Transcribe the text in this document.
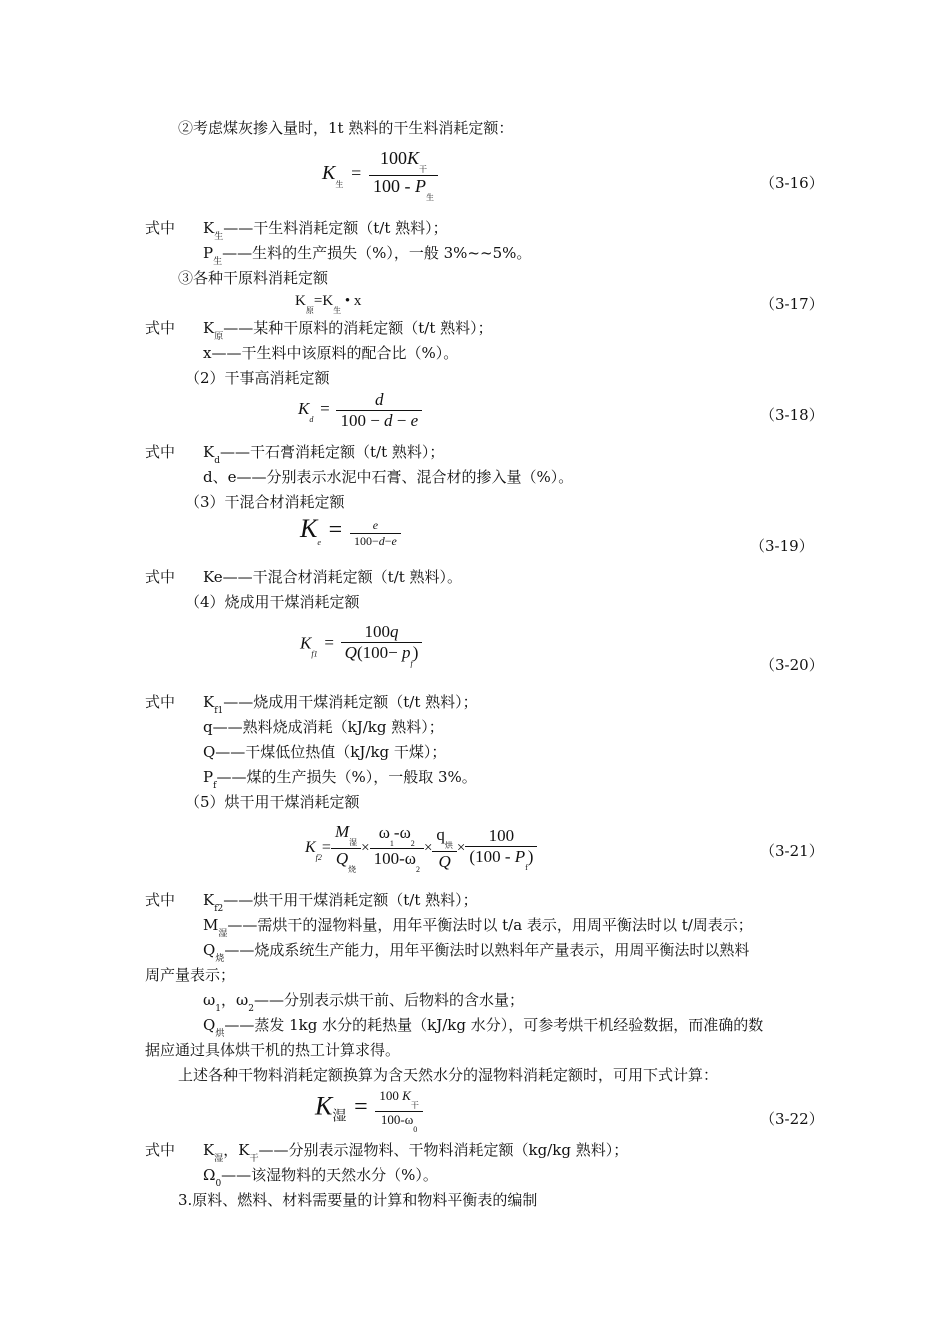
②考虑煤灰掺入量时，1t 熟料的干生料消耗定额：
$K_生 = \frac{100K_干}{100 - P_生}$	（3-16）
式中 $K_生——$干生料消耗定额（t/t 熟料）；
$P_生——$生料的生产损失（%），一般 3%~~5%。
③各种干原料消耗定额
$K_原=K_生$ • x	（3-17）
式中 $K_原——$某种干原料的消耗定额（t/t 熟料）；
x——干生料中该原料的配合比（%）。
（2）干事高消耗定额
$K_d = \frac{d}{100 - d - e}$	（3-18）
式中 $K_d——$干石膏消耗定额（t/t 熟料）；
d、e——分别表示水泥中石膏、混合材的掺入量（%）。
（3）干混合材消耗定额
$K_e = \frac{e}{100-d-e}$	（3-19）
式中 Ke——干混合材消耗定额（t/t 熟料）。
（4）烧成用干煤消耗定额
$K_{f1} = \frac{100q}{Q(100- p_f)}$	（3-20）
式中 $K_{f1}——$烧成用干煤消耗定额（t/t 熟料）；
q——熟料烧成消耗（kJ/kg 熟料）；
Q——干煤低位热值（kJ/kg 干煤）；
$P_f——$煤的生产损失（%），一般取 3%。
（5）烘干用干煤消耗定额
$K_{f2}= \frac{M_湿}{Q_烧} \times \frac{\omega_1-\omega_2}{100-\omega_2} \times \frac{q_烘}{Q} \times \frac{100}{(100 - P_f)}$	（3-21）
式中 $K_{f2}——$烘干用干煤消耗定额（t/t 熟料）；
$M_湿——$需烘干的湿物料量，用年平衡法时以 t/a 表示，用周平衡法时以 t/周表示；
$Q_烧——$烧成系统生产能力，用年平衡法时以熟料年产量表示，用周平衡法时以熟料
周产量表示；
$\omega_1$，$\omega_2——$分别表示烘干前、后物料的含水量；
$Q_烘——$蒸发 1kg 水分的耗热量（kJ/kg 水分），可参考烘干机经验数据，而准确的数
据应通过具体烘干机的热工计算求得。
上述各种干物料消耗定额换算为含天然水分的湿物料消耗定额时，可用下式计算：
K湿 = $\frac{100 K_干}{100-\omega_0}$	（3-22）
式中 $K_湿$，$K_干——$分别表示湿物料、干物料消耗定额（kg/kg 熟料）；
$\Omega_0——$该湿物料的天然水分（%）。
3.原料、燃料、材料需要量的计算和物料平衡表的编制
